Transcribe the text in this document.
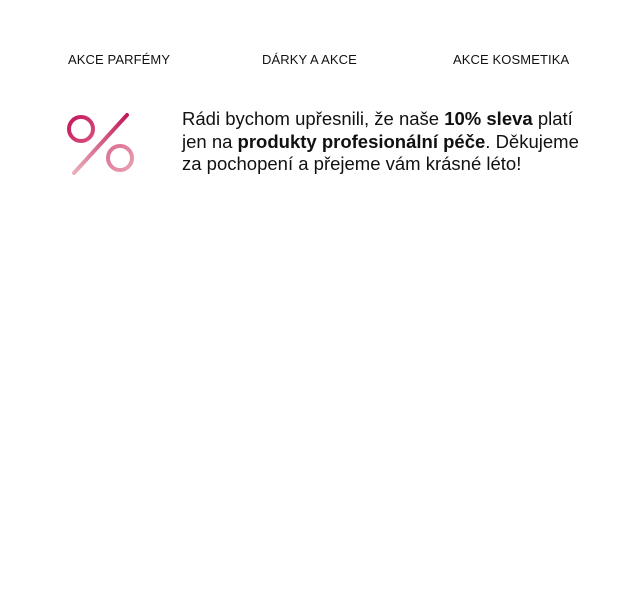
AKCE PARFÉMY	DÁRKY A AKCE	AKCE KOSMETIKA

Rádi bychom upřesnili, že naše 10% sleva platí jen na produkty profesionální péče. Děkujeme za pochopení a přejeme vám krásné léto!
